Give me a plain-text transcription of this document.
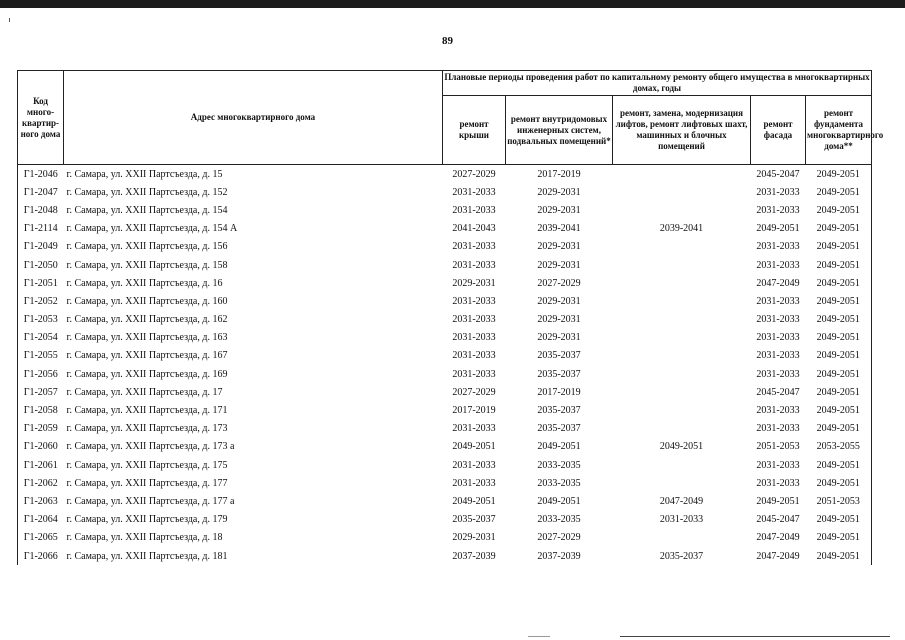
89
Код много-квартир-ного дома	Адрес многоквартирного дома	Плановые периоды проведения работ по капитальному ремонту общего имущества в многоквартирных домах, годы				
		ремонт крыши	ремонт внутридомовых инженерных систем, подвальных помещений*	ремонт, замена, модернизация лифтов, ремонт лифтовых шахт, машинных и блочных помещений	ремонт фасада	ремонт фундамента многоквартирного дома**
Г1-2046	г. Самара, ул. XXII Партсъезда, д. 15	2027-2029	2017-2019		2045-2047	2049-2051
Г1-2047	г. Самара, ул. XXII Партсъезда, д. 152	2031-2033	2029-2031		2031-2033	2049-2051
Г1-2048	г. Самара, ул. XXII Партсъезда, д. 154	2031-2033	2029-2031		2031-2033	2049-2051
Г1-2114	г. Самара, ул. XXII Партсъезда, д. 154 А	2041-2043	2039-2041	2039-2041	2049-2051	2049-2051
Г1-2049	г. Самара, ул. XXII Партсъезда, д. 156	2031-2033	2029-2031		2031-2033	2049-2051
Г1-2050	г. Самара, ул. XXII Партсъезда, д. 158	2031-2033	2029-2031		2031-2033	2049-2051
Г1-2051	г. Самара, ул. XXII Партсъезда, д. 16	2029-2031	2027-2029		2047-2049	2049-2051
Г1-2052	г. Самара, ул. XXII Партсъезда, д. 160	2031-2033	2029-2031		2031-2033	2049-2051
Г1-2053	г. Самара, ул. XXII Партсъезда, д. 162	2031-2033	2029-2031		2031-2033	2049-2051
Г1-2054	г. Самара, ул. XXII Партсъезда, д. 163	2031-2033	2029-2031		2031-2033	2049-2051
Г1-2055	г. Самара, ул. XXII Партсъезда, д. 167	2031-2033	2035-2037		2031-2033	2049-2051
Г1-2056	г. Самара, ул. XXII Партсъезда, д. 169	2031-2033	2035-2037		2031-2033	2049-2051
Г1-2057	г. Самара, ул. XXII Партсъезда, д. 17	2027-2029	2017-2019		2045-2047	2049-2051
Г1-2058	г. Самара, ул. XXII Партсъезда, д. 171	2017-2019	2035-2037		2031-2033	2049-2051
Г1-2059	г. Самара, ул. XXII Партсъезда, д. 173	2031-2033	2035-2037		2031-2033	2049-2051
Г1-2060	г. Самара, ул. XXII Партсъезда, д. 173 а	2049-2051	2049-2051	2049-2051	2051-2053	2053-2055
Г1-2061	г. Самара, ул. XXII Партсъезда, д. 175	2031-2033	2033-2035		2031-2033	2049-2051
Г1-2062	г. Самара, ул. XXII Партсъезда, д. 177	2031-2033	2033-2035		2031-2033	2049-2051
Г1-2063	г. Самара, ул. XXII Партсъезда, д. 177 а	2049-2051	2049-2051	2047-2049	2049-2051	2051-2053
Г1-2064	г. Самара, ул. XXII Партсъезда, д. 179	2035-2037	2033-2035	2031-2033	2045-2047	2049-2051
Г1-2065	г. Самара, ул. XXII Партсъезда, д. 18	2029-2031	2027-2029		2047-2049	2049-2051
Г1-2066	г. Самара, ул. XXII Партсъезда, д. 181	2037-2039	2037-2039	2035-2037	2047-2049	2049-2051
